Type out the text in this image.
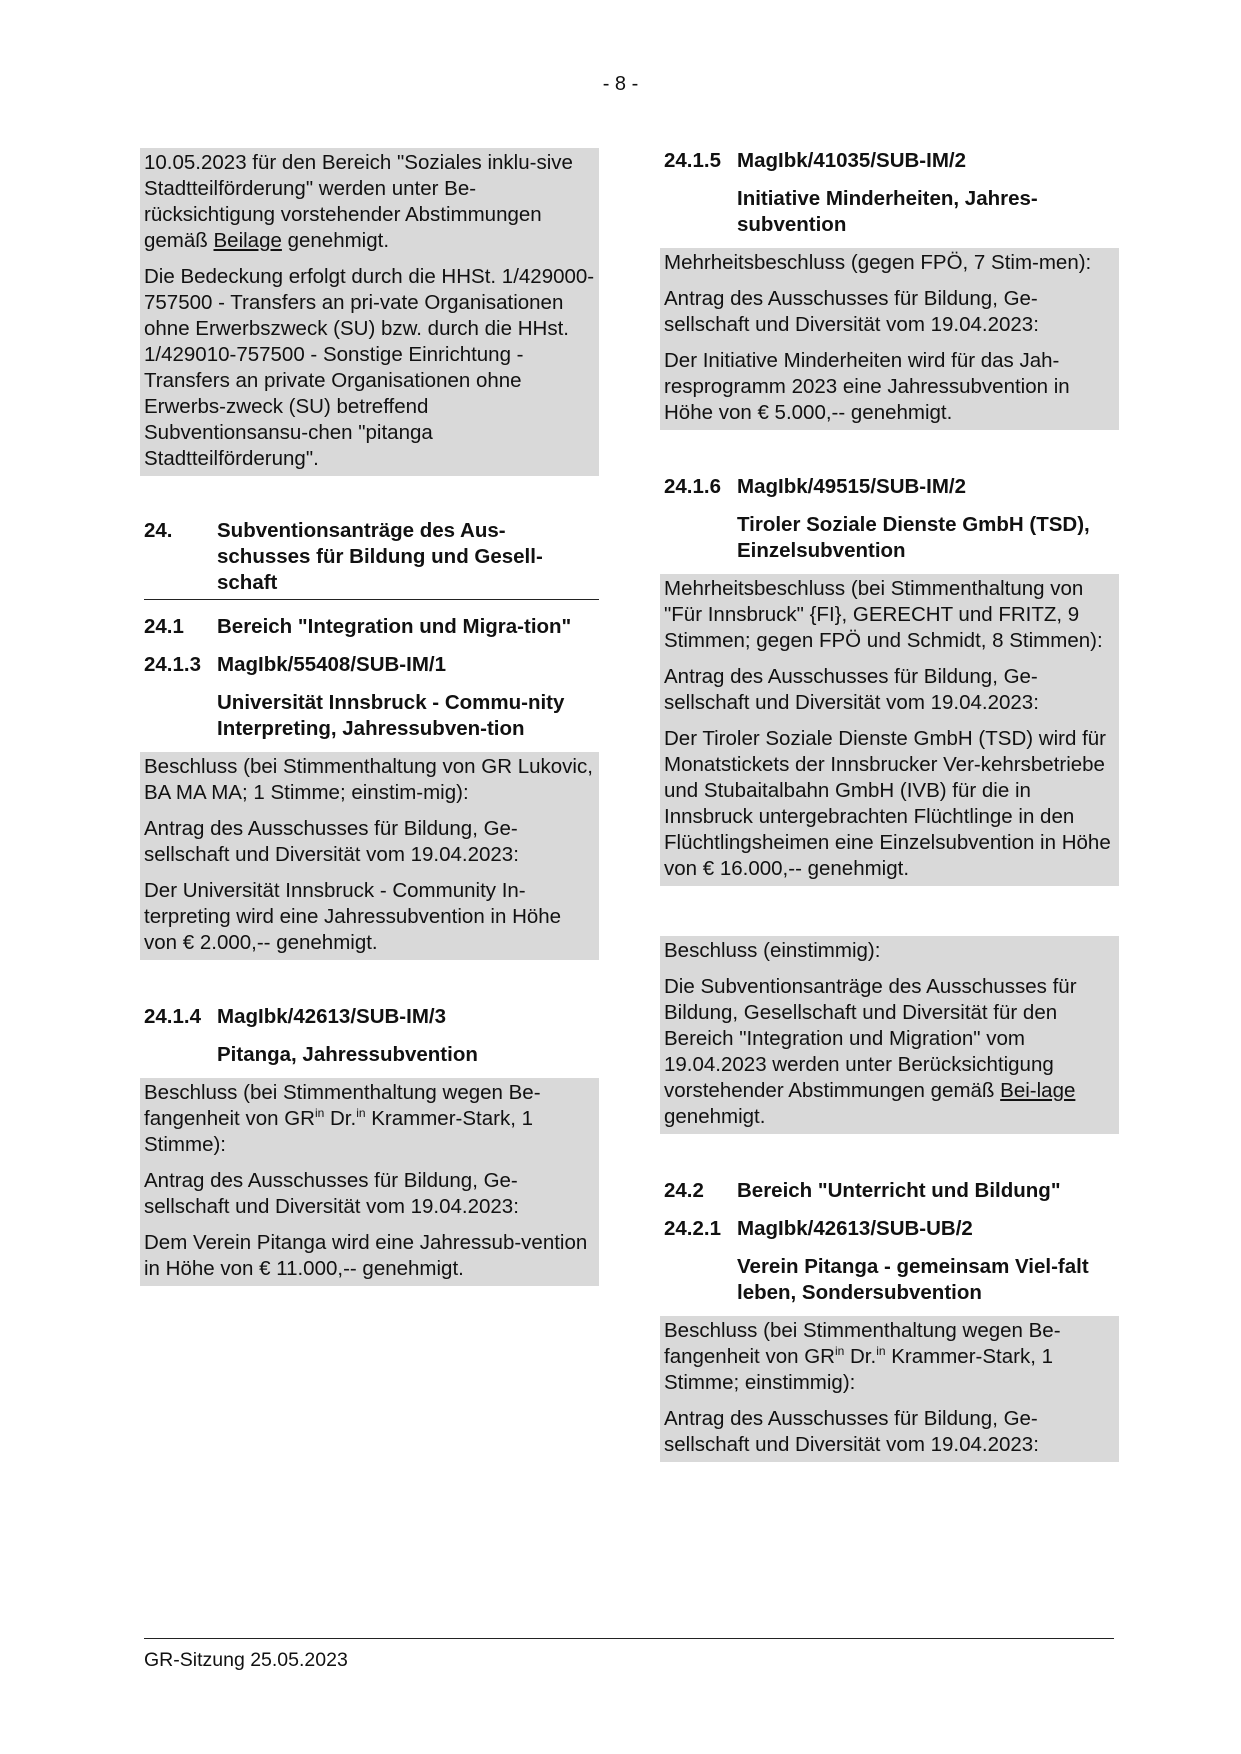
- 8 -

10.05.2023 für den Bereich "Soziales inklu-sive Stadtteilförderung" werden unter Be-rücksichtigung vorstehender Abstimmungen gemäß Beilage genehmigt.

Die Bedeckung erfolgt durch die HHSt. 1/429000-757500 - Transfers an pri-vate Organisationen ohne Erwerbszweck (SU) bzw. durch die HHst. 1/429010-757500 - Sonstige Einrichtung - Transfers an private Organisationen ohne Erwerbs-zweck (SU) betreffend Subventionsansu-chen "pitanga Stadtteilförderung".

24.	Subventionsanträge des Aus-schusses für Bildung und Gesell-schaft
24.1	Bereich "Integration und Migra-tion"
24.1.3 MagIbk/55408/SUB-IM/1
Universität Innsbruck - Commu-nity Interpreting, Jahressubven-tion

Beschluss (bei Stimmenthaltung von GR Lukovic, BA MA MA; 1 Stimme; einstim-mig):

Antrag des Ausschusses für Bildung, Ge-sellschaft und Diversität vom 19.04.2023:

Der Universität Innsbruck - Community In-terpreting wird eine Jahressubvention in Höhe von € 2.000,-- genehmigt.

24.1.4 MagIbk/42613/SUB-IM/3
Pitanga, Jahressubvention

Beschluss (bei Stimmenthaltung wegen Be-fangenheit von $GR^{in}$ Dr.$^{in}$ Krammer-Stark, 1 Stimme):

Antrag des Ausschusses für Bildung, Ge-sellschaft und Diversität vom 19.04.2023:

Dem Verein Pitanga wird eine Jahressub-vention in Höhe von € 11.000,-- genehmigt.

24.1.5 MagIbk/41035/SUB-IM/2
Initiative Minderheiten, Jahres-subvention

Mehrheitsbeschluss (gegen FPÖ, 7 Stim-men):

Antrag des Ausschusses für Bildung, Ge-sellschaft und Diversität vom 19.04.2023:

Der Initiative Minderheiten wird für das Jah-resprogramm 2023 eine Jahressubvention in Höhe von € 5.000,-- genehmigt.

24.1.6 MagIbk/49515/SUB-IM/2
Tiroler Soziale Dienste GmbH (TSD), Einzelsubvention

Mehrheitsbeschluss (bei Stimmenthaltung von "Für Innsbruck" {FI}, GERECHT und FRITZ, 9 Stimmen; gegen FPÖ und Schmidt, 8 Stimmen):

Antrag des Ausschusses für Bildung, Ge-sellschaft und Diversität vom 19.04.2023:

Der Tiroler Soziale Dienste GmbH (TSD) wird für Monatstickets der Innsbrucker Ver-kehrsbetriebe und Stubaitalbahn GmbH (IVB) für die in Innsbruck untergebrachten Flüchtlinge in den Flüchtlingsheimen eine Einzelsubvention in Höhe von € 16.000,-- genehmigt.

Beschluss (einstimmig):

Die Subventionsanträge des Ausschusses für Bildung, Gesellschaft und Diversität für den Bereich "Integration und Migration" vom 19.04.2023 werden unter Berücksichtigung vorstehender Abstimmungen gemäß Bei-lage genehmigt.

24.2	Bereich "Unterricht und Bildung"
24.2.1 MagIbk/42613/SUB-UB/2
Verein Pitanga - gemeinsam Viel-falt leben, Sondersubvention

Beschluss (bei Stimmenthaltung wegen Be-fangenheit von $GR^{in}$ Dr.$^{in}$ Krammer-Stark, 1 Stimme; einstimmig):

Antrag des Ausschusses für Bildung, Ge-sellschaft und Diversität vom 19.04.2023:

GR-Sitzung 25.05.2023
